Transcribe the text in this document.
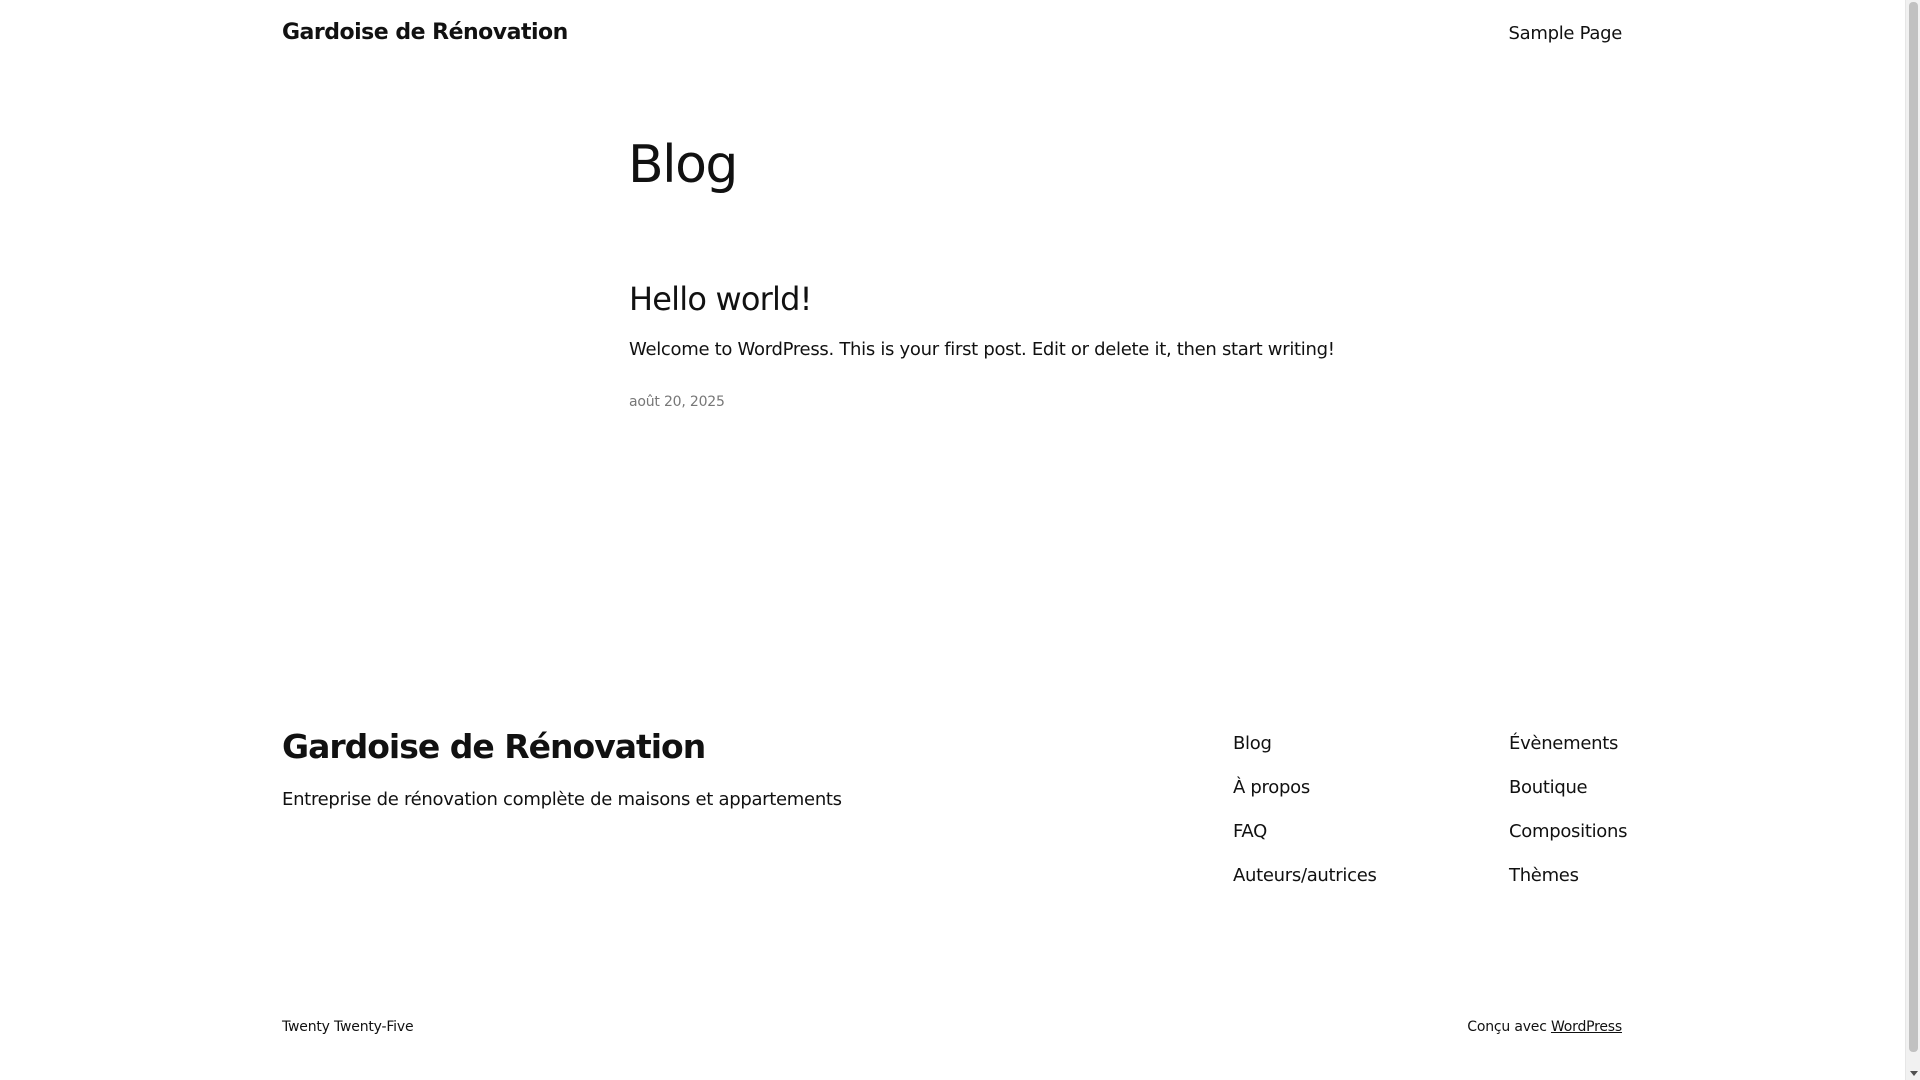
Gardoise de Rénovation	Sample Page
Blog
Hello world!

Welcome to WordPress. This is your first post. Edit or delete it, then start writing!

août 20, 2025
Gardoise de Rénovation

Entreprise de rénovation complète de maisons et appartements

Blog
À propos
FAQ
Auteurs/autrices
Évènements
Boutique
Compositions
Thèmes

Twenty Twenty-Five	Conçu avec WordPress
